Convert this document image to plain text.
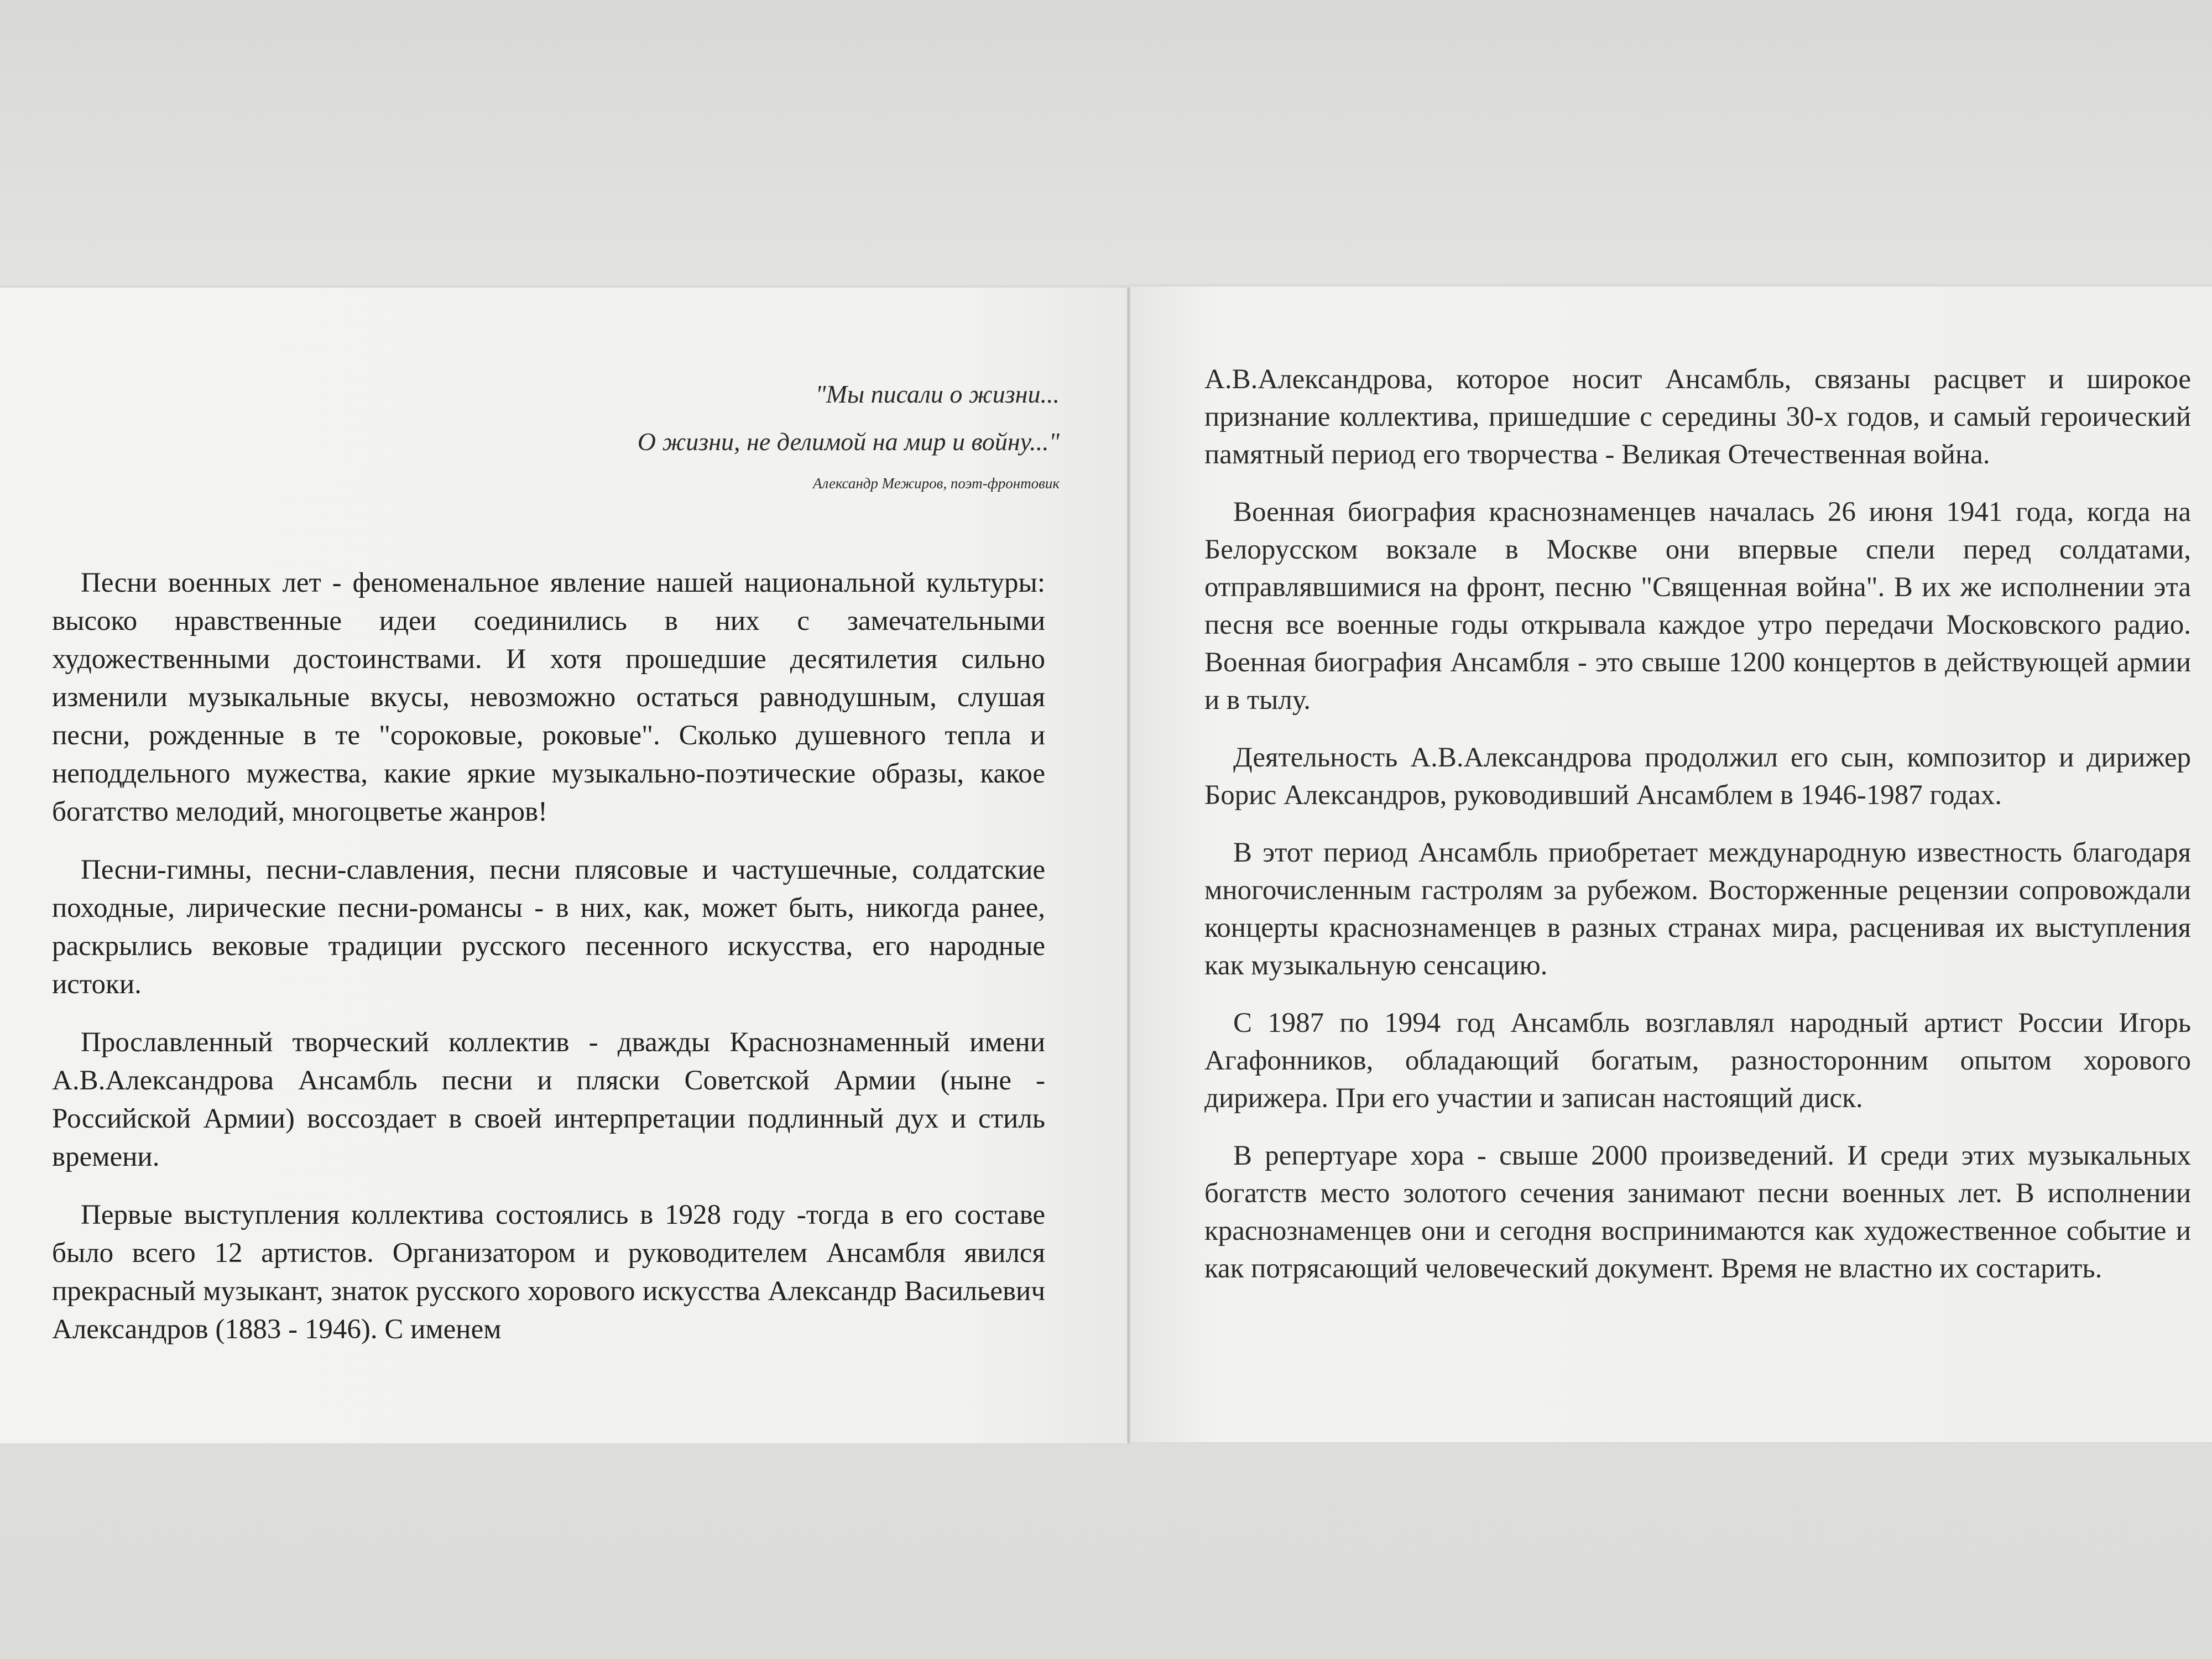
"Мы писали о жизни...
О жизни, не делимой на мир и войну..."
Александр Межиров, поэт-фронтовик

Песни военных лет - феноменальное явление нашей национальной культуры: высоко нравственные идеи соединились в них с замечательными художественными достоинствами. И хотя прошедшие десятилетия сильно изменили музыкальные вкусы, невозможно остаться равнодушным, слушая песни, рожденные в те "сороковые, роковые". Сколько душевного тепла и неподдельного мужества, какие яркие музыкально-поэтические образы, какое богатство мелодий, многоцветье жанров!

Песни-гимны, песни-славления, песни плясовые и частушечные, солдатские походные, лирические песни-романсы - в них, как, может быть, никогда ранее, раскрылись вековые традиции русского песенного искусства, его народные истоки.

Прославленный творческий коллектив - дважды Краснознаменный имени А.В.Александрова Ансамбль песни и пляски Советской Армии (ныне - Российской Армии) воссоздает в своей интерпретации подлинный дух и стиль времени.

Первые выступления коллектива состоялись в 1928 году -тогда в его составе было всего 12 артистов. Организатором и руководителем Ансамбля явился прекрасный музыкант, знаток русского хорового искусства Александр Васильевич Александров (1883 - 1946). С именем

А.В.Александрова, которое носит Ансамбль, связаны расцвет и широкое признание коллектива, пришедшие с середины 30-х годов, и самый героический памятный период его творчества - Великая Отечественная война.

Военная биография краснознаменцев началась 26 июня 1941 года, когда на Белорусском вокзале в Москве они впервые спели перед солдатами, отправлявшимися на фронт, песню "Священная война". В их же исполнении эта песня все военные годы открывала каждое утро передачи Московского радио. Военная биография Ансамбля - это свыше 1200 концертов в действующей армии и в тылу.

Деятельность А.В.Александрова продолжил его сын, композитор и дирижер Борис Александров, руководивший Ансамблем в 1946-1987 годах.

В этот период Ансамбль приобретает международную известность благодаря многочисленным гастролям за рубежом. Восторженные рецензии сопровождали концерты краснознаменцев в разных странах мира, расценивая их выступления как музыкальную сенсацию.

С 1987 по 1994 год Ансамбль возглавлял народный артист России Игорь Агафонников, обладающий богатым, разносторонним опытом хорового дирижера. При его участии и записан настоящий диск.

В репертуаре хора - свыше 2000 произведений. И среди этих музыкальных богатств место золотого сечения занимают песни военных лет. В исполнении краснознаменцев они и сегодня воспринимаются как художественное событие и как потрясающий человеческий документ. Время не властно их состарить.
